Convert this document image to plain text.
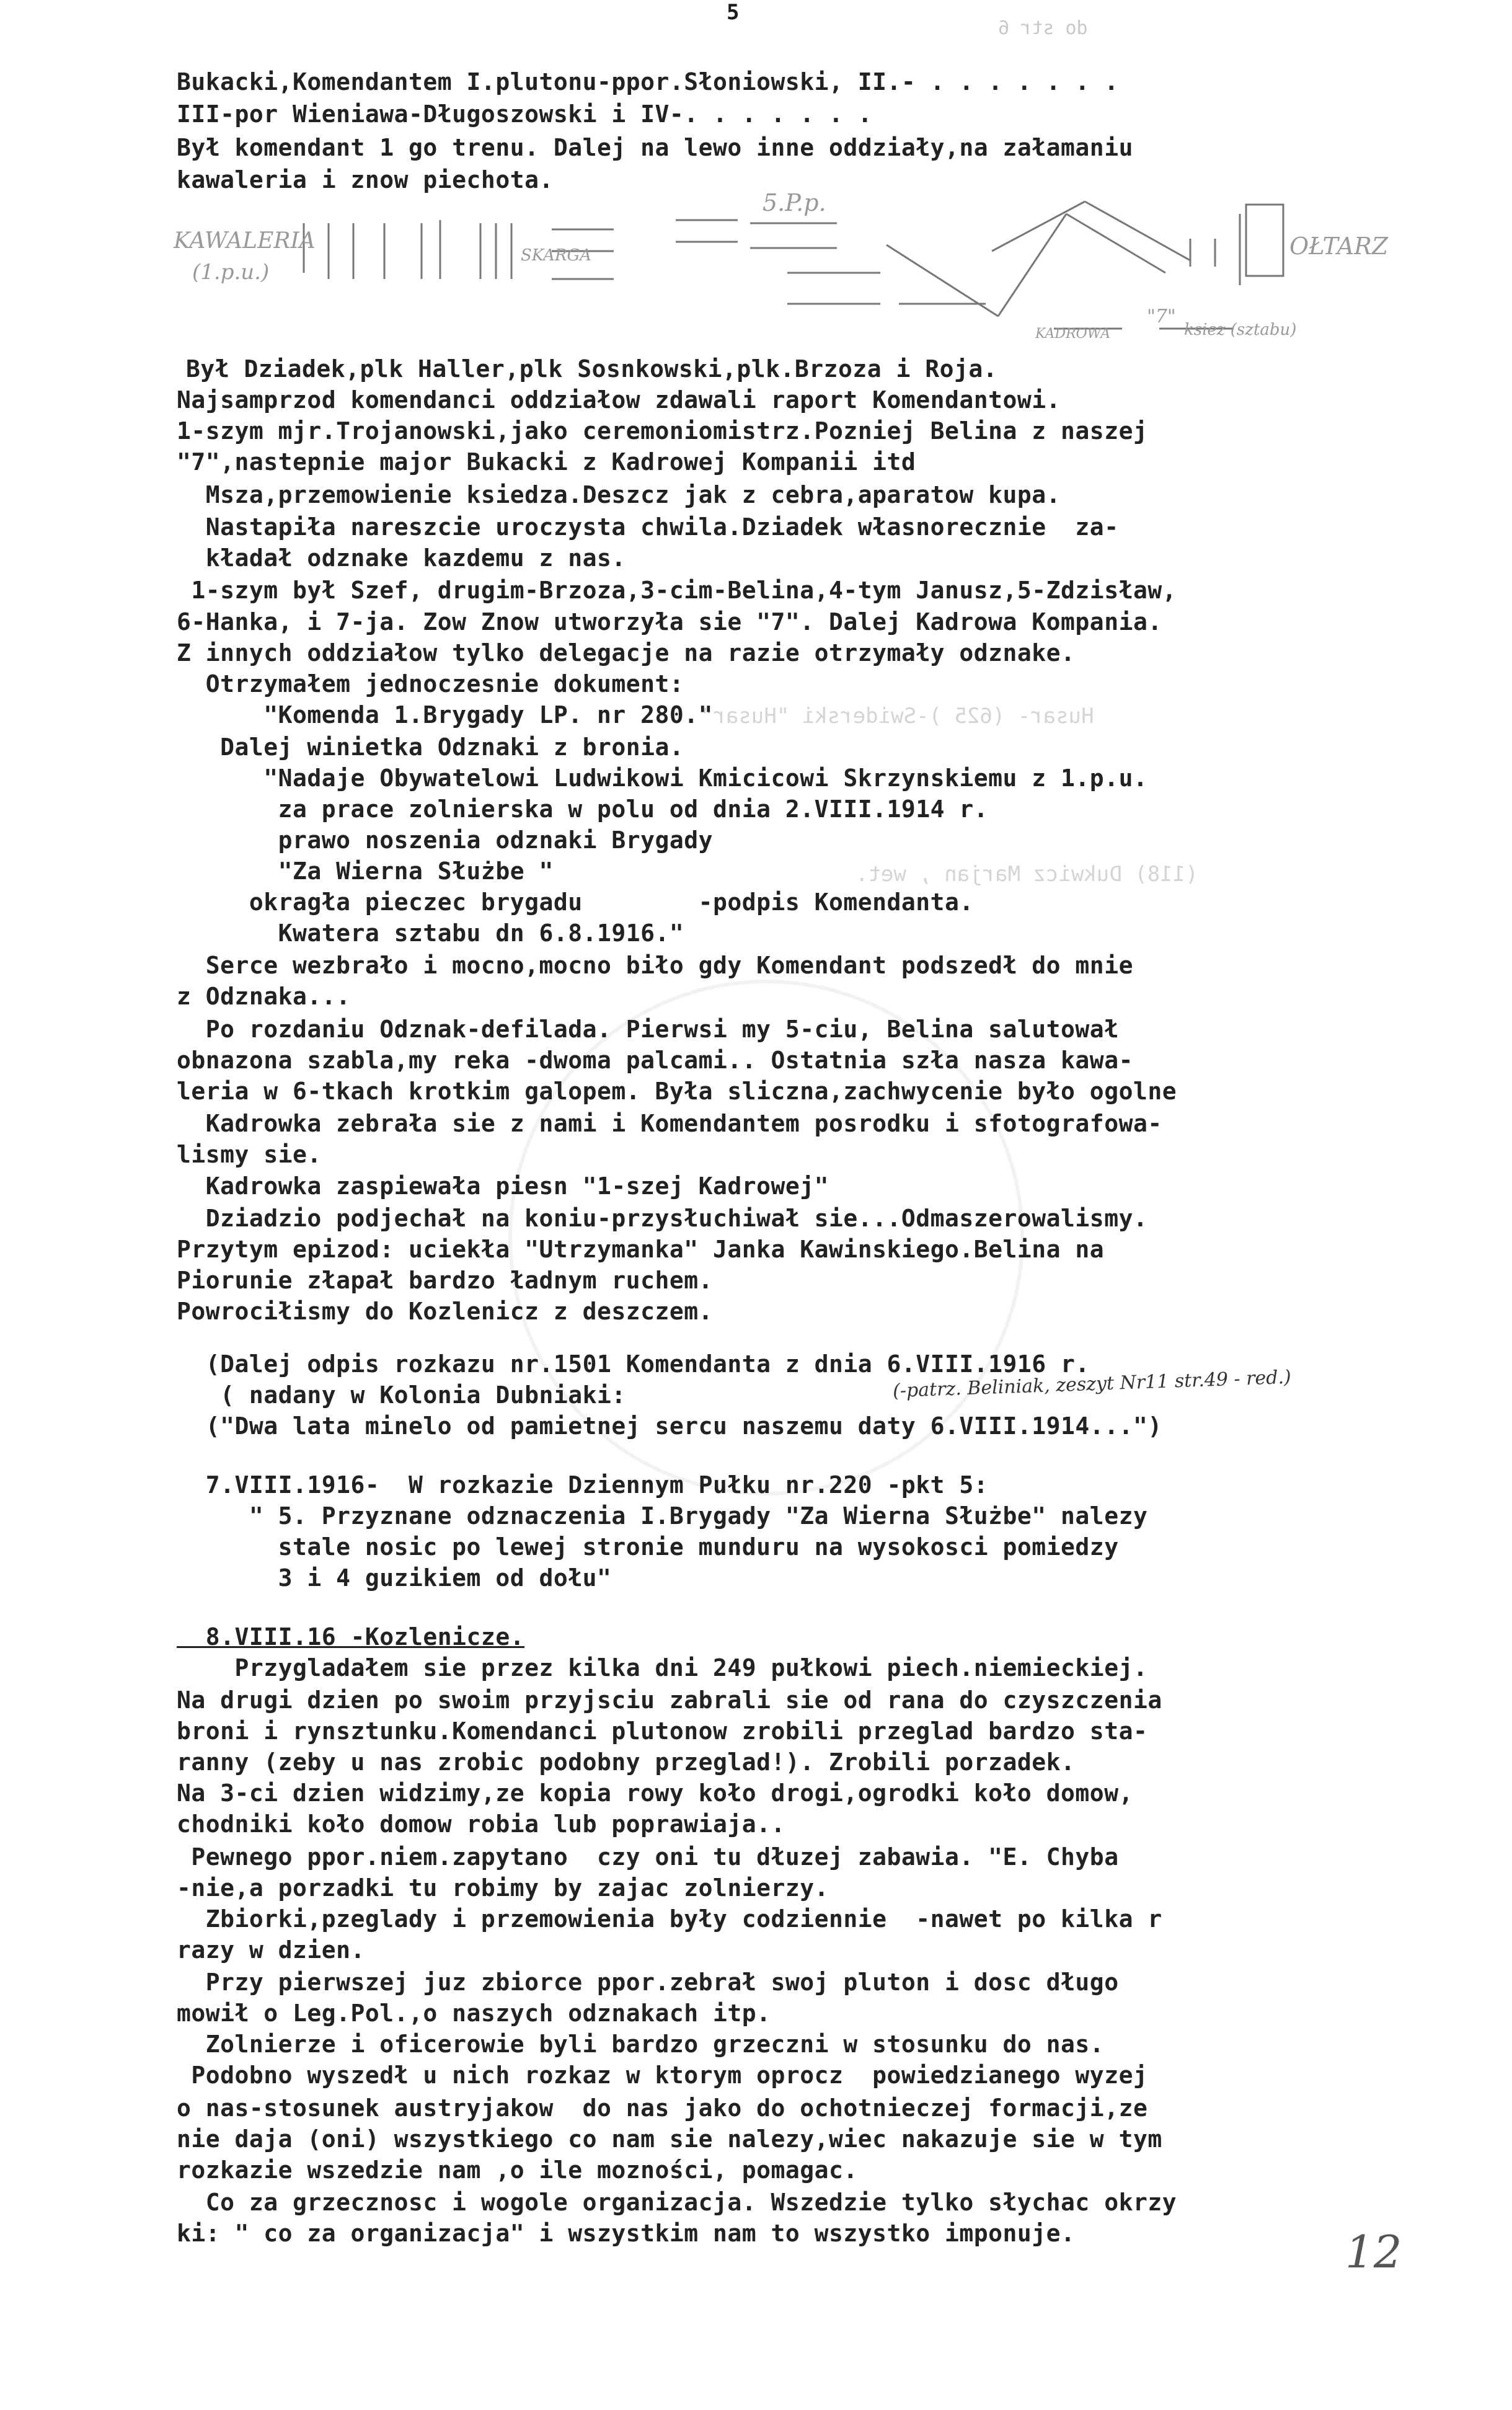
5
do str 6
Husar- (625 )-Swiderski "Husar"
(118) Dukwicz Marjan , wet.
Bukacki,Komendantem I.plutonu-ppor.Słoniowski, II.- . . . . . . .
III-por Wieniawa-Długoszowski i IV-. . . . . . .
Był komendant 1 go trenu. Dalej na lewo inne oddziały,na załamaniu
kawaleria i znow piechota.
KAWALERIA
(1.p.u.)
SKARGA
5.P.p.
KADROWA
"7"
ksiez (sztabu)
OŁTARZ
Był Dziadek,plk Haller,plk Sosnkowski,plk.Brzoza i Roja.
Najsamprzod komendanci oddziałow zdawali raport Komendantowi.
1-szym mjr.Trojanowski,jako ceremoniomistrz.Pozniej Belina z naszej
"7",nastepnie major Bukacki z Kadrowej Kompanii itd
Msza,przemowienie ksiedza.Deszcz jak z cebra,aparatow kupa.
Nastapiła nareszcie uroczysta chwila.Dziadek własnorecznie  za-
kładał odznake kazdemu z nas.
1-szym był Szef, drugim-Brzoza,3-cim-Belina,4-tym Janusz,5-Zdzisław,
6-Hanka, i 7-ja. Zow Znow utworzyła sie "7". Dalej Kadrowa Kompania.
Z innych oddziałow tylko delegacje na razie otrzymały odznake.
Otrzymałem jednoczesnie dokument:
"Komenda 1.Brygady LP. nr 280."
Dalej winietka Odznaki z bronia.
"Nadaje Obywatelowi Ludwikowi Kmicicowi Skrzynskiemu z 1.p.u.
za prace zolnierska w polu od dnia 2.VIII.1914 r.
prawo noszenia odznaki Brygady
"Za Wierna Służbe "
okragła pieczec brygadu        -podpis Komendanta.
Kwatera sztabu dn 6.8.1916."
Serce wezbrało i mocno,mocno biło gdy Komendant podszedł do mnie
z Odznaka...
Po rozdaniu Odznak-defilada. Pierwsi my 5-ciu, Belina salutował
obnazona szabla,my reka -dwoma palcami.. Ostatnia szła nasza kawa-
leria w 6-tkach krotkim galopem. Była sliczna,zachwycenie było ogolne
Kadrowka zebrała sie z nami i Komendantem posrodku i sfotografowa-
lismy sie.
Kadrowka zaspiewała piesn "1-szej Kadrowej"
Dziadzio podjechał na koniu-przysłuchiwał sie...Odmaszerowalismy.
Przytym epizod: uciekła "Utrzymanka" Janka Kawinskiego.Belina na
Piorunie złapał bardzo ładnym ruchem.
Powrociłismy do Kozlenicz z deszczem.
(Dalej odpis rozkazu nr.1501 Komendanta z dnia 6.VIII.1916 r.
( nadany w Kolonia Dubniaki:	(-patrz. Beliniak, zeszyt Nr11 str.49 - red.)
("Dwa lata minelo od pamietnej sercu naszemu daty 6.VIII.1914...")
7.VIII.1916-  W rozkazie Dziennym Pułku nr.220 -pkt 5:
" 5. Przyznane odznaczenia I.Brygady "Za Wierna Służbe" nalezy
stale nosic po lewej stronie munduru na wysokosci pomiedzy
3 i 4 guzikiem od dołu"
8.VIII.16 -Kozlenicze.
Przygladałem sie przez kilka dni 249 pułkowi piech.niemieckiej.
Na drugi dzien po swoim przyjsciu zabrali sie od rana do czyszczenia
broni i rynsztunku.Komendanci plutonow zrobili przeglad bardzo sta-
ranny (zeby u nas zrobic podobny przeglad!). Zrobili porzadek.
Na 3-ci dzien widzimy,ze kopia rowy koło drogi,ogrodki koło domow,
chodniki koło domow robia lub poprawiaja..
Pewnego ppor.niem.zapytano  czy oni tu dłuzej zabawia. "E. Chyba
-nie,a porzadki tu robimy by zajac zolnierzy.
Zbiorki,pzeglady i przemowienia były codziennie  -nawet po kilka r
razy w dzien.
Przy pierwszej juz zbiorce ppor.zebrał swoj pluton i dosc długo
mowił o Leg.Pol.,o naszych odznakach itp.
Zolnierze i oficerowie byli bardzo grzeczni w stosunku do nas.
Podobno wyszedł u nich rozkaz w ktorym oprocz  powiedzianego wyzej
o nas-stosunek austryjakow  do nas jako do ochotnieczej formacji,ze
nie daja (oni) wszystkiego co nam sie nalezy,wiec nakazuje sie w tym
rozkazie wszedzie nam ,o ile mozności, pomagac.
Co za grzecznosc i wogole organizacja. Wszedzie tylko słychac okrzy
ki: " co za organizacja" i wszystkim nam to wszystko imponuje.	12
